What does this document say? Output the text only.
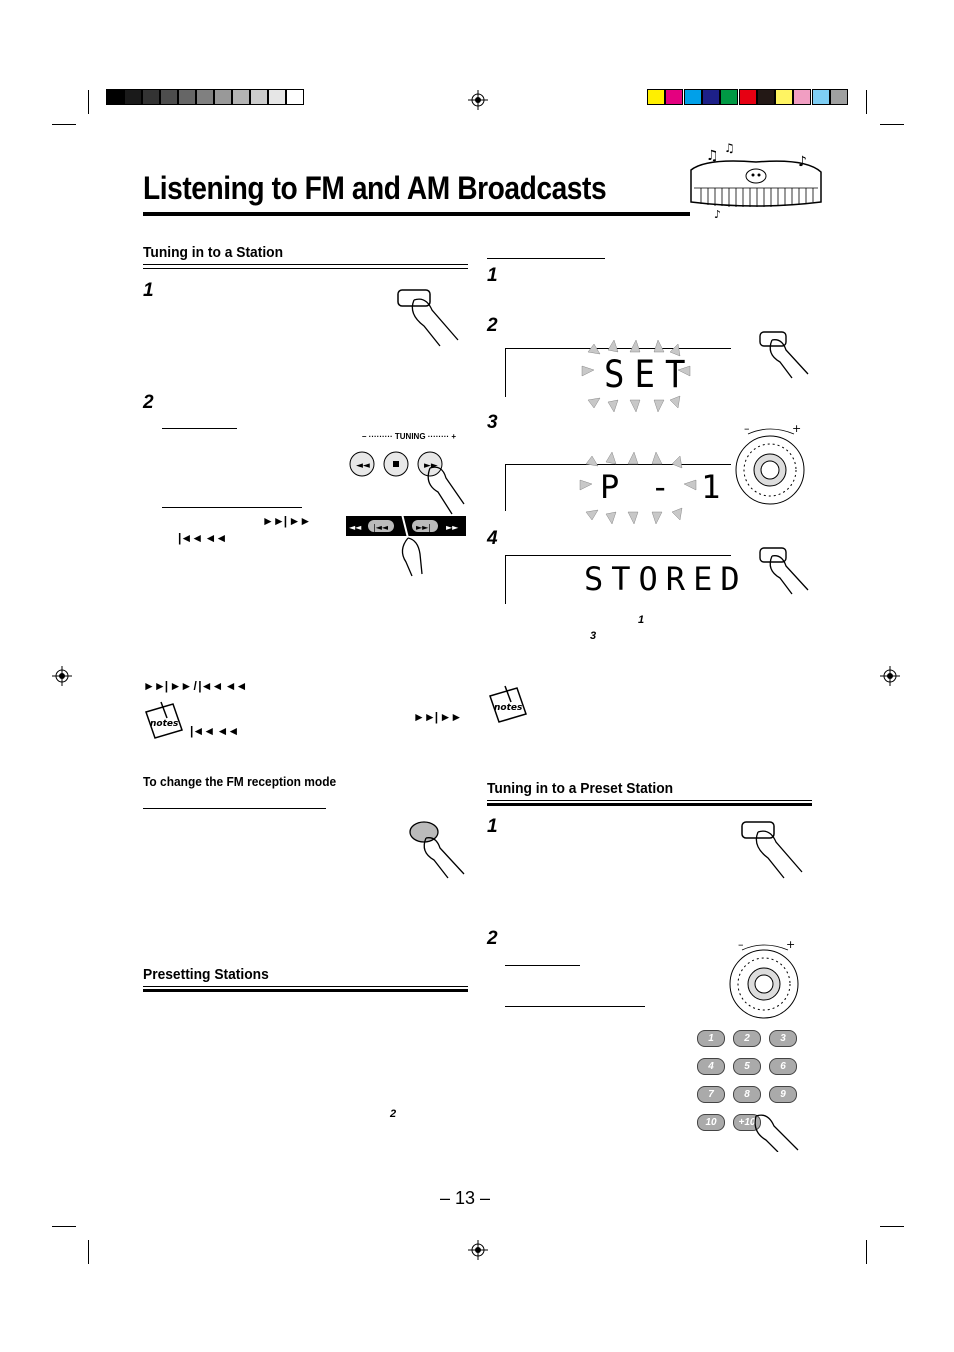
Listening to FM and AM Broadcasts
♫	♪
♫
♪
Tuning in to a Station
1
2
– ········· TUNING ········ +
◄◄	►►
►►| ►►
|◄◄ ◄◄
◄◄	►►
|◄◄	►►|
►►| ►► / |◄◄ ◄◄
notes	►►| ►►
|◄◄ ◄◄
To change the FM reception mode
Presetting Stations
2
1
2
SET
3
P - 1
–	+
4
STORED
1
3
notes
Tuning in to a Preset Station
1
2	–	+
1	2	3
4	5	6
7	8	9
10	+10
– 13 –
